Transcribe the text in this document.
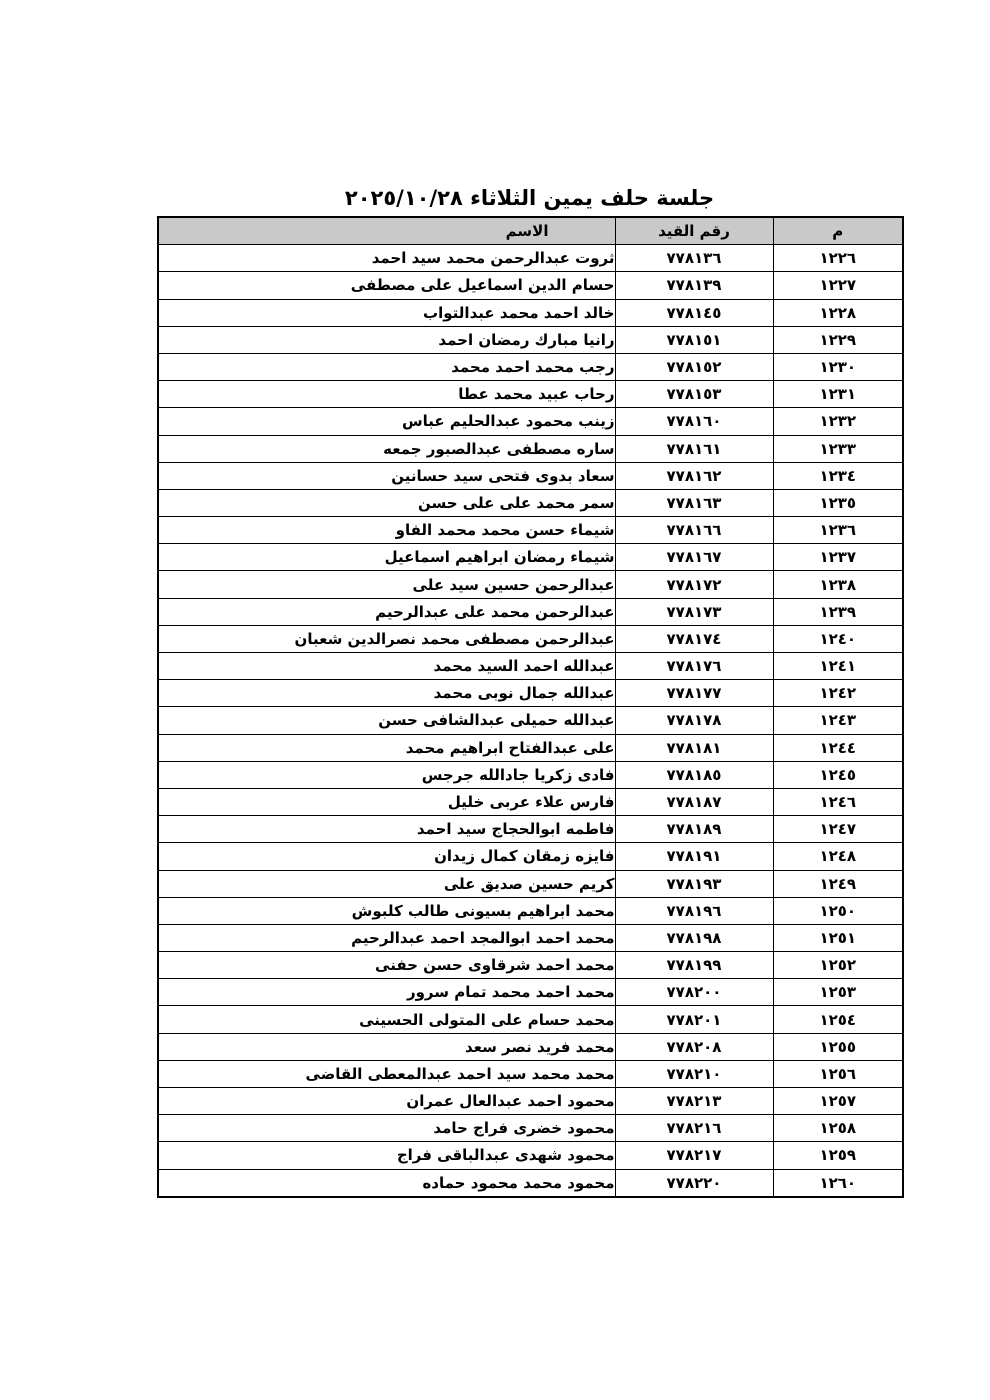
جلسة حلف يمين الثلاثاء ٢٠٢٥/١٠/٢٨
م	رقم القيد	الاسم
١٢٢٦	٧٧٨١٣٦	ثروت عبدالرحمن محمد سيد احمد
١٢٢٧	٧٧٨١٣٩	حسام الدين اسماعيل على مصطفى
١٢٢٨	٧٧٨١٤٥	خالد احمد محمد عبدالتواب
١٢٢٩	٧٧٨١٥١	رانيا مبارك رمضان احمد
١٢٣٠	٧٧٨١٥٢	رجب محمد احمد محمد
١٢٣١	٧٧٨١٥٣	رحاب عبيد محمد عطا
١٢٣٢	٧٧٨١٦٠	زينب محمود عبدالحليم عباس
١٢٣٣	٧٧٨١٦١	ساره مصطفى عبدالصبور جمعه
١٢٣٤	٧٧٨١٦٢	سعاد بدوى فتحى سيد حسانين
١٢٣٥	٧٧٨١٦٣	سمر محمد على على حسن
١٢٣٦	٧٧٨١٦٦	شيماء حسن محمد محمد الفاو
١٢٣٧	٧٧٨١٦٧	شيماء رمضان ابراهيم اسماعيل
١٢٣٨	٧٧٨١٧٢	عبدالرحمن حسين سيد على
١٢٣٩	٧٧٨١٧٣	عبدالرحمن محمد على عبدالرحيم
١٢٤٠	٧٧٨١٧٤	عبدالرحمن مصطفى محمد نصرالدين شعبان
١٢٤١	٧٧٨١٧٦	عبدالله احمد السيد محمد
١٢٤٢	٧٧٨١٧٧	عبدالله جمال نوبى محمد
١٢٤٣	٧٧٨١٧٨	عبدالله حميلى عبدالشافى حسن
١٢٤٤	٧٧٨١٨١	على عبدالفتاح ابراهيم محمد
١٢٤٥	٧٧٨١٨٥	فادى زكريا جادالله جرجس
١٢٤٦	٧٧٨١٨٧	فارس علاء عربى خليل
١٢٤٧	٧٧٨١٨٩	فاطمه ابوالحجاج سيد احمد
١٢٤٨	٧٧٨١٩١	فايزه زمقان كمال زيدان
١٢٤٩	٧٧٨١٩٣	كريم حسين صديق على
١٢٥٠	٧٧٨١٩٦	محمد ابراهيم بسيونى طالب كلبوش
١٢٥١	٧٧٨١٩٨	محمد احمد ابوالمجد احمد عبدالرحيم
١٢٥٢	٧٧٨١٩٩	محمد احمد شرقاوى حسن حفنى
١٢٥٣	٧٧٨٢٠٠	محمد احمد محمد تمام سرور
١٢٥٤	٧٧٨٢٠١	محمد حسام على المتولى الحسينى
١٢٥٥	٧٧٨٢٠٨	محمد فريد نصر سعد
١٢٥٦	٧٧٨٢١٠	محمد محمد سيد احمد عبدالمعطى القاضى
١٢٥٧	٧٧٨٢١٣	محمود احمد عبدالعال عمران
١٢٥٨	٧٧٨٢١٦	محمود خضرى فراج حامد
١٢٥٩	٧٧٨٢١٧	محمود شهدى عبدالباقى فراج
١٢٦٠	٧٧٨٢٢٠	محمود محمد محمود حماده
